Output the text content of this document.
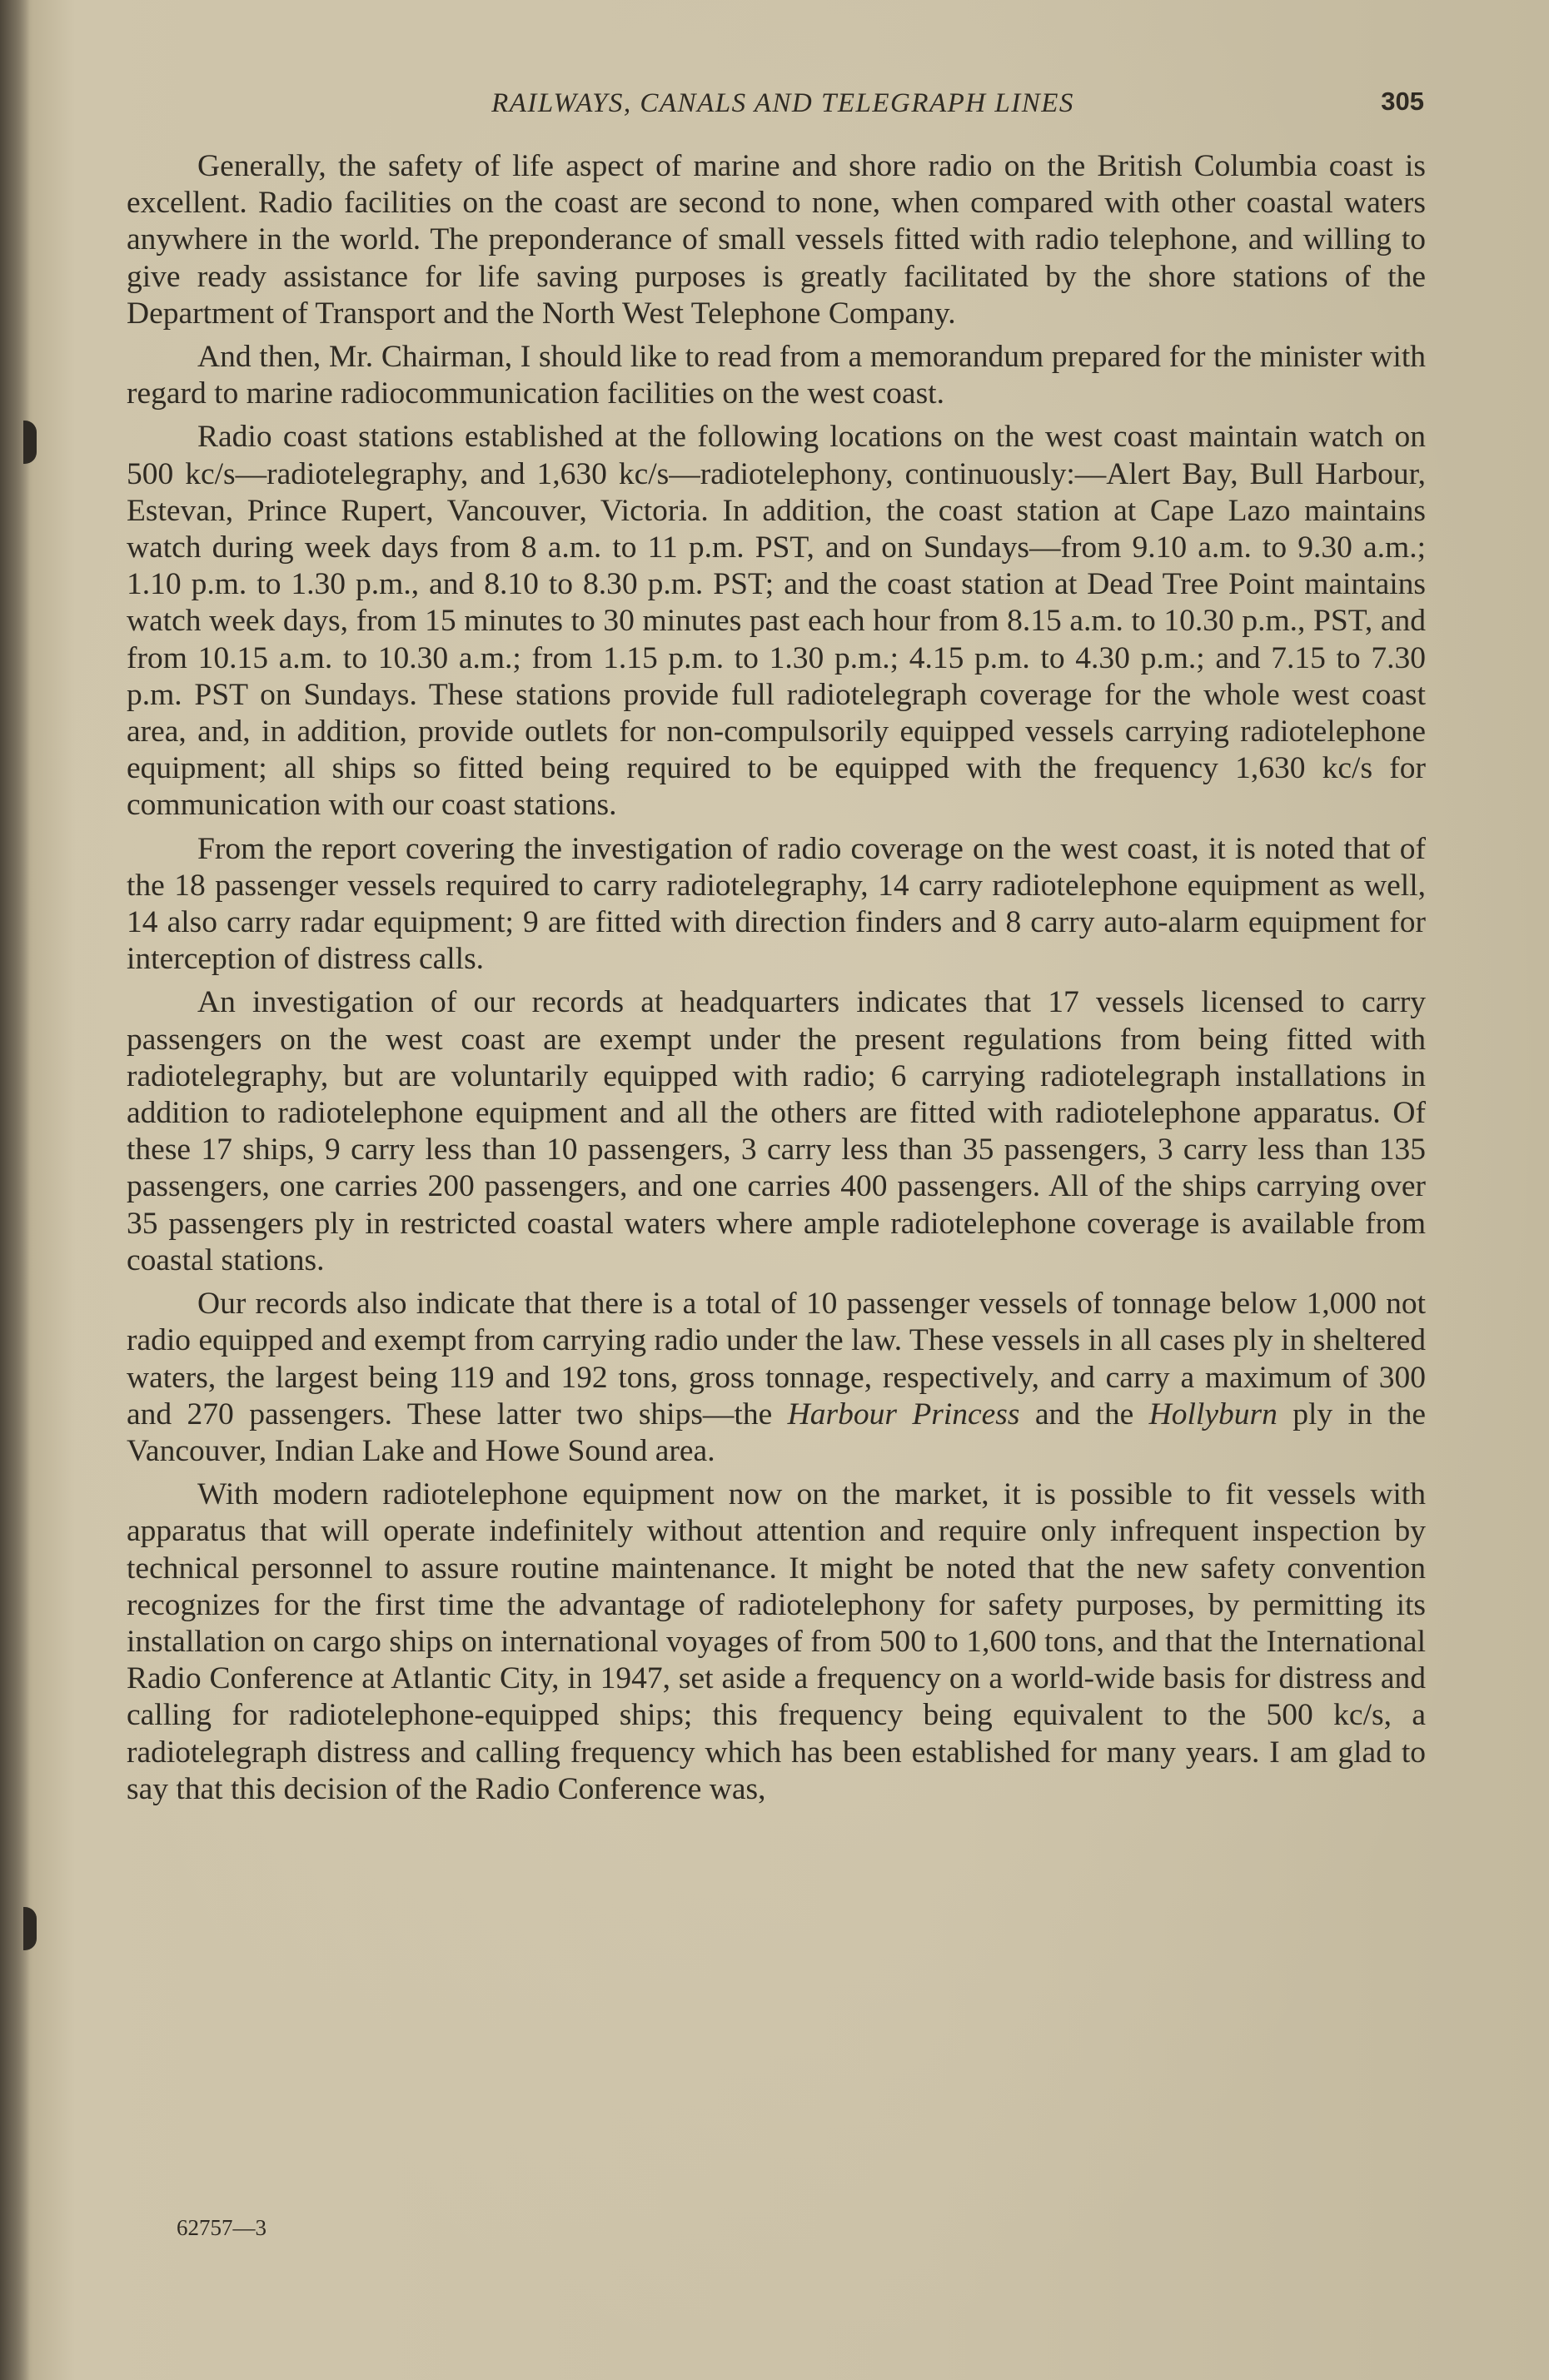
RAILWAYS, CANALS AND TELEGRAPH LINES	305

Generally, the safety of life aspect of marine and shore radio on the British Columbia coast is excellent. Radio facilities on the coast are second to none, when compared with other coastal waters anywhere in the world. The preponderance of small vessels fitted with radio telephone, and willing to give ready assistance for life saving purposes is greatly facilitated by the shore stations of the Department of Transport and the North West Telephone Company.

And then, Mr. Chairman, I should like to read from a memorandum prepared for the minister with regard to marine radiocommunication facilities on the west coast.

Radio coast stations established at the following locations on the west coast maintain watch on 500 kc/s—radiotelegraphy, and 1,630 kc/s—radiotelephony, continuously:—Alert Bay, Bull Harbour, Estevan, Prince Rupert, Vancouver, Victoria. In addition, the coast station at Cape Lazo maintains watch during week days from 8 a.m. to 11 p.m. PST, and on Sundays—from 9.10 a.m. to 9.30 a.m.; 1.10 p.m. to 1.30 p.m., and 8.10 to 8.30 p.m. PST; and the coast station at Dead Tree Point maintains watch week days, from 15 minutes to 30 minutes past each hour from 8.15 a.m. to 10.30 p.m., PST, and from 10.15 a.m. to 10.30 a.m.; from 1.15 p.m. to 1.30 p.m.; 4.15 p.m. to 4.30 p.m.; and 7.15 to 7.30 p.m. PST on Sundays. These stations provide full radiotelegraph coverage for the whole west coast area, and, in addition, provide outlets for non-compulsorily equipped vessels carrying radiotelephone equipment; all ships so fitted being required to be equipped with the frequency 1,630 kc/s for communication with our coast stations.

From the report covering the investigation of radio coverage on the west coast, it is noted that of the 18 passenger vessels required to carry radiotelegraphy, 14 carry radiotelephone equipment as well, 14 also carry radar equipment; 9 are fitted with direction finders and 8 carry auto-alarm equipment for interception of distress calls.

An investigation of our records at headquarters indicates that 17 vessels licensed to carry passengers on the west coast are exempt under the present regulations from being fitted with radiotelegraphy, but are voluntarily equipped with radio; 6 carrying radiotelegraph installations in addition to radiotelephone equipment and all the others are fitted with radiotelephone apparatus. Of these 17 ships, 9 carry less than 10 passengers, 3 carry less than 35 passengers, 3 carry less than 135 passengers, one carries 200 passengers, and one carries 400 passengers. All of the ships carrying over 35 passengers ply in restricted coastal waters where ample radiotelephone coverage is available from coastal stations.

Our records also indicate that there is a total of 10 passenger vessels of tonnage below 1,000 not radio equipped and exempt from carrying radio under the law. These vessels in all cases ply in sheltered waters, the largest being 119 and 192 tons, gross tonnage, respectively, and carry a maximum of 300 and 270 passengers. These latter two ships—the Harbour Princess and the Hollyburn ply in the Vancouver, Indian Lake and Howe Sound area.

With modern radiotelephone equipment now on the market, it is possible to fit vessels with apparatus that will operate indefinitely without attention and require only infrequent inspection by technical personnel to assure routine maintenance. It might be noted that the new safety convention recognizes for the first time the advantage of radiotelephony for safety purposes, by permitting its installation on cargo ships on international voyages of from 500 to 1,600 tons, and that the International Radio Conference at Atlantic City, in 1947, set aside a frequency on a world-wide basis for distress and calling for radiotelephone-equipped ships; this frequency being equivalent to the 500 kc/s, a radiotelegraph distress and calling frequency which has been established for many years. I am glad to say that this decision of the Radio Conference was,

62757—3
